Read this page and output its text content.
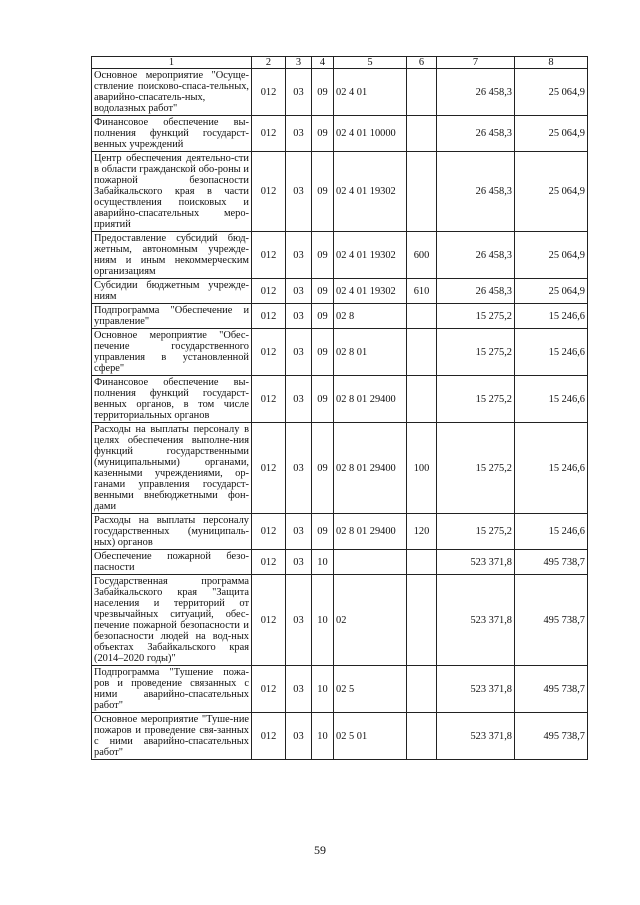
1	2	3	4	5	6	7	8
Основное мероприятие "Осуще-ствление поисково-спаса-тельных, аварийно-спасатель-ных, водолазных работ"	012	03	09	02 4 01		26 458,3	25 064,9
Финансовое обеспечение вы-полнения функций государст-венных учреждений	012	03	09	02 4 01 10000		26 458,3	25 064,9
Центр обеспечения деятельно-сти в области гражданской обо-роны и пожарной безопасности Забайкальского края в части осуществления поисковых и аварийно-спасательных меро-приятий	012	03	09	02 4 01 19302		26 458,3	25 064,9
Предоставление субсидий бюд-жетным, автономным учрежде-ниям и иным некоммерческим организациям	012	03	09	02 4 01 19302	600	26 458,3	25 064,9
Субсидии бюджетным учрежде-ниям	012	03	09	02 4 01 19302	610	26 458,3	25 064,9
Подпрограмма "Обеспечение и управление"	012	03	09	02 8		15 275,2	15 246,6
Основное мероприятие "Обес-печение государственного управления в установленной сфере"	012	03	09	02 8 01		15 275,2	15 246,6
Финансовое обеспечение вы-полнения функций государст-венных органов, в том числе территориальных органов	012	03	09	02 8 01 29400		15 275,2	15 246,6
Расходы на выплаты персоналу в целях обеспечения выполне-ния функций государственными (муниципальными) органами, казенными учреждениями, ор-ганами управления государст-венными внебюджетными фон-дами	012	03	09	02 8 01 29400	100	15 275,2	15 246,6
Расходы на выплаты персоналу государственных (муниципаль-ных) органов	012	03	09	02 8 01 29400	120	15 275,2	15 246,6
Обеспечение пожарной безо-пасности	012	03	10			523 371,8	495 738,7
Государственная программа Забайкальского края "Защита населения и территорий от чрезвычайных ситуаций, обес-печение пожарной безопасности и безопасности людей на вод-ных объектах Забайкальского края (2014–2020 годы)"	012	03	10	02		523 371,8	495 738,7
Подпрограмма "Тушение пожа-ров и проведение связанных с ними аварийно-спасательных работ"	012	03	10	02 5		523 371,8	495 738,7
Основное мероприятие "Туше-ние пожаров и проведение свя-занных с ними аварийно-спасательных работ"	012	03	10	02 5 01		523 371,8	495 738,7
59
